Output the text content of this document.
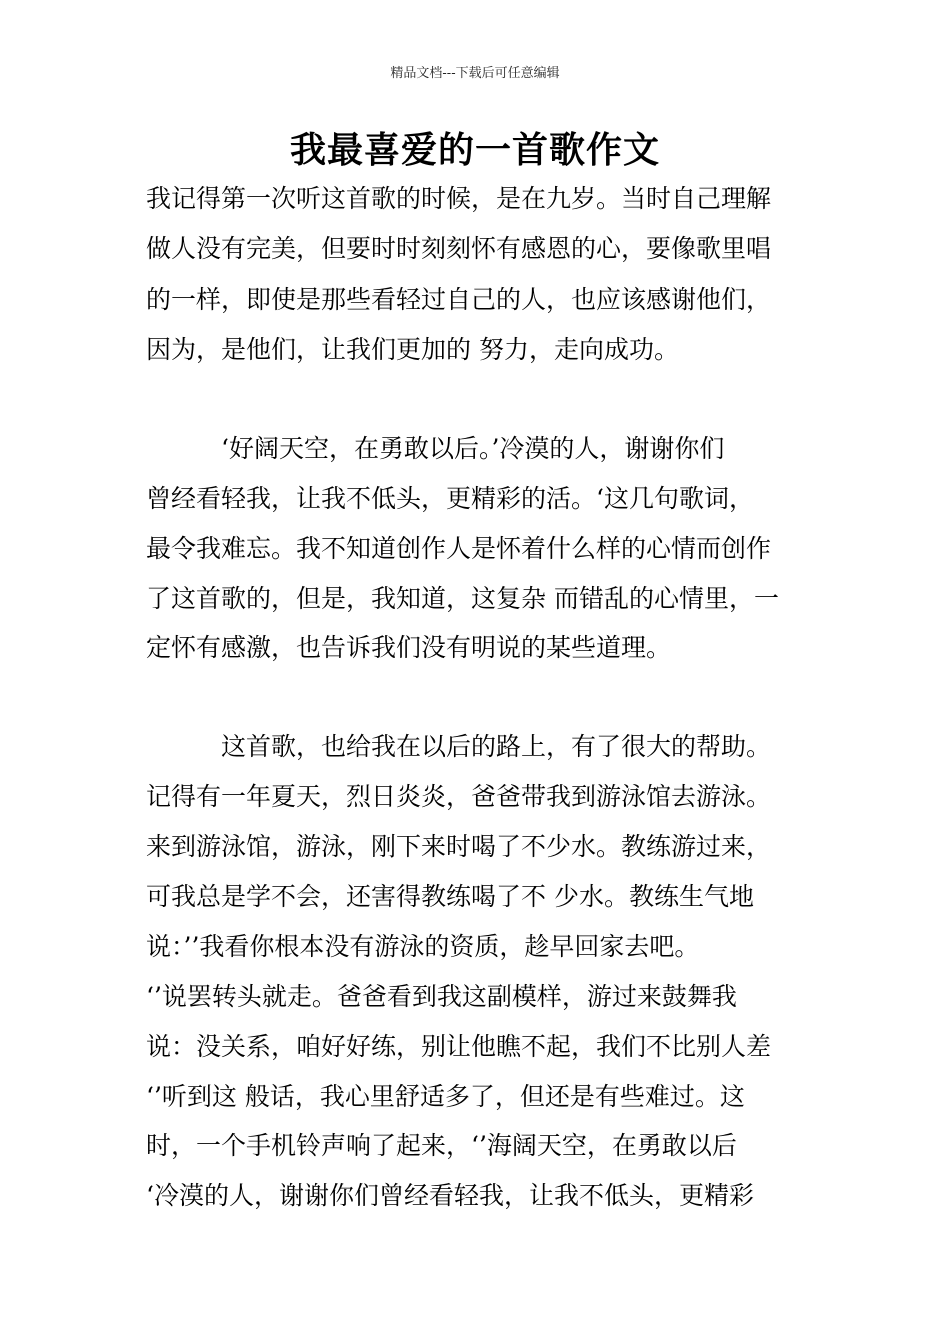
精品文档---下载后可任意编辑
我最喜爱的一首歌作文
我记得第一次听这首歌的时候，是在九岁。当时自己理解
做人没有完美，但要时时刻刻怀有感恩的心，要像歌里唱
的一样，即使是那些看轻过自己的人，也应该感谢他们，
因为，是他们，让我们更加的 努力，走向成功。
　　　‘好阔天空，在勇敢以后。’冷漠的人，谢谢你们
曾经看轻我，让我不低头，更精彩的活。‘这几句歌词，
最令我难忘。我不知道创作人是怀着什么样的心情而创作
了这首歌的，但是，我知道，这复杂 而错乱的心情里，一
定怀有感激，也告诉我们没有明说的某些道理。
　　　这首歌，也给我在以后的路上，有了很大的帮助。
记得有一年夏天，烈日炎炎，爸爸带我到游泳馆去游泳。
来到游泳馆，游泳，刚下来时喝了不少水。教练游过来，
可我总是学不会，还害得教练喝了不 少水。教练生气地
说：’’我看你根本没有游泳的资质，趁早回家去吧。
‘’说罢转头就走。爸爸看到我这副模样，游过来鼓舞我
说：没关系，咱好好练，别让他瞧不起，我们不比别人差
‘’听到这 般话，我心里舒适多了，但还是有些难过。这
时，一个手机铃声响了起来，‘’海阔天空，在勇敢以后
‘冷漠的人，谢谢你们曾经看轻我，让我不低头，更精彩
